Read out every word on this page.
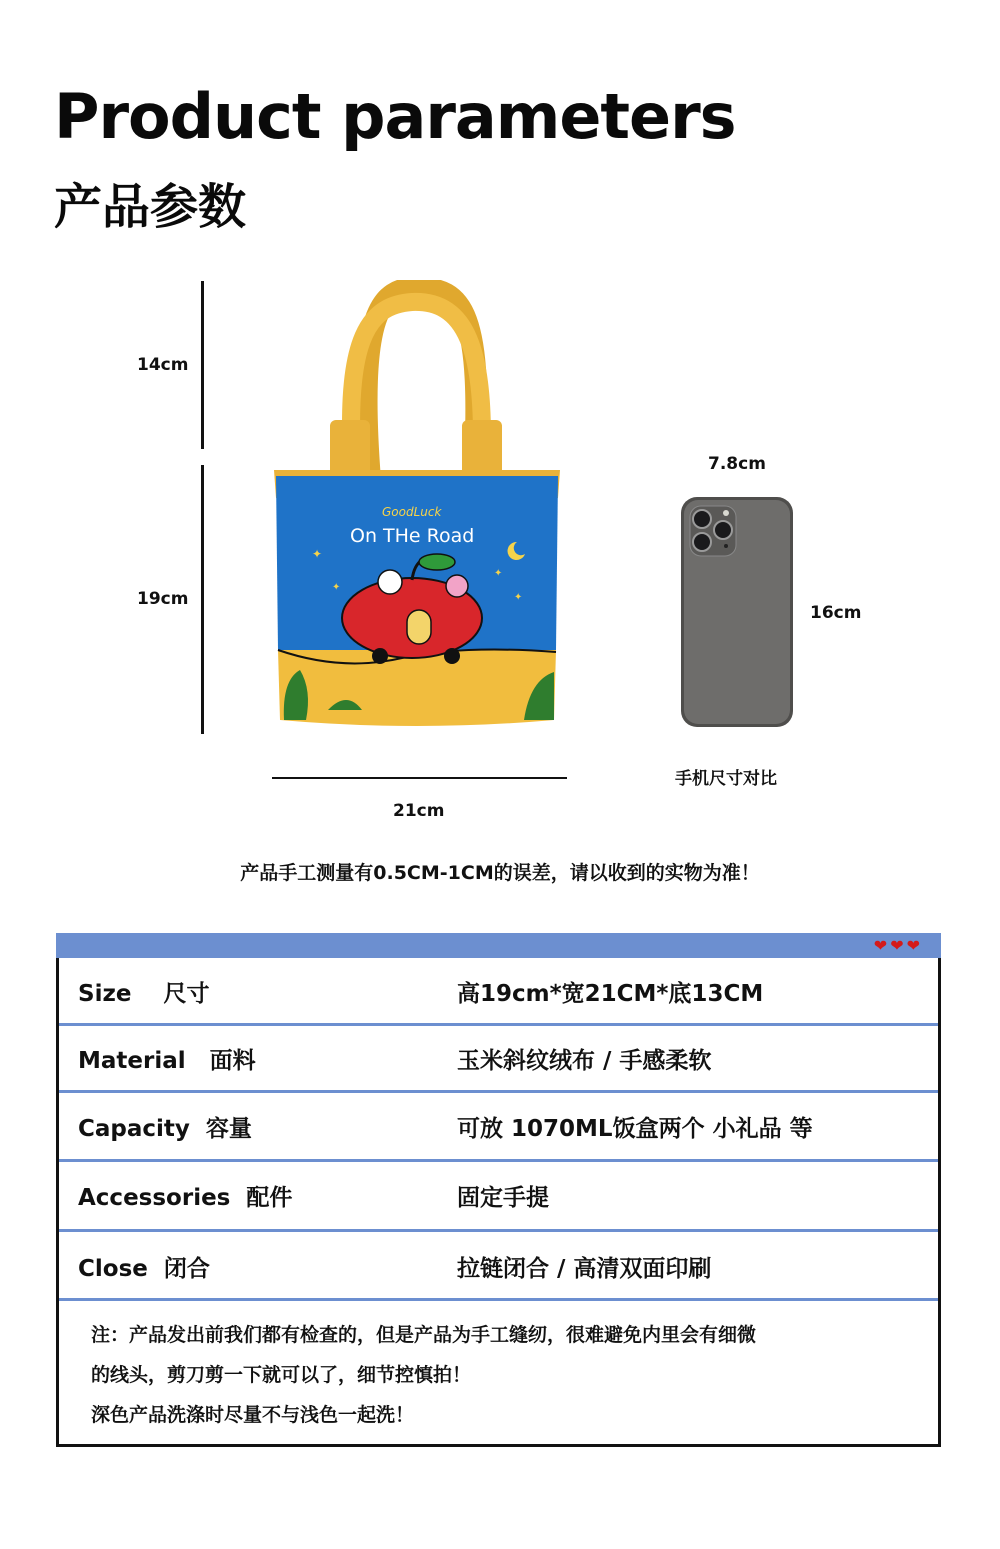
Product parameters
产品参数
14cm
19cm
21cm
✦
✦
✦
✦
GoodLuck
On THe Road
7.8cm
16cm
手机尺寸对比
产品手工测量有0.5CM-1CM的误差，请以收到的实物为准！
❤❤❤
Size    尺寸	高19cm*宽21CM*底13CM
Material   面料	玉米斜纹绒布 / 手感柔软
Capacity  容量	可放 1070ML饭盒两个 小礼品 等
Accessories  配件	固定手提
Close  闭合	拉链闭合 / 高清双面印刷
注：产品发出前我们都有检查的，但是产品为手工缝纫，很难避免内里会有细微
的线头，剪刀剪一下就可以了，细节控慎拍！
深色产品洗涤时尽量不与浅色一起洗！
